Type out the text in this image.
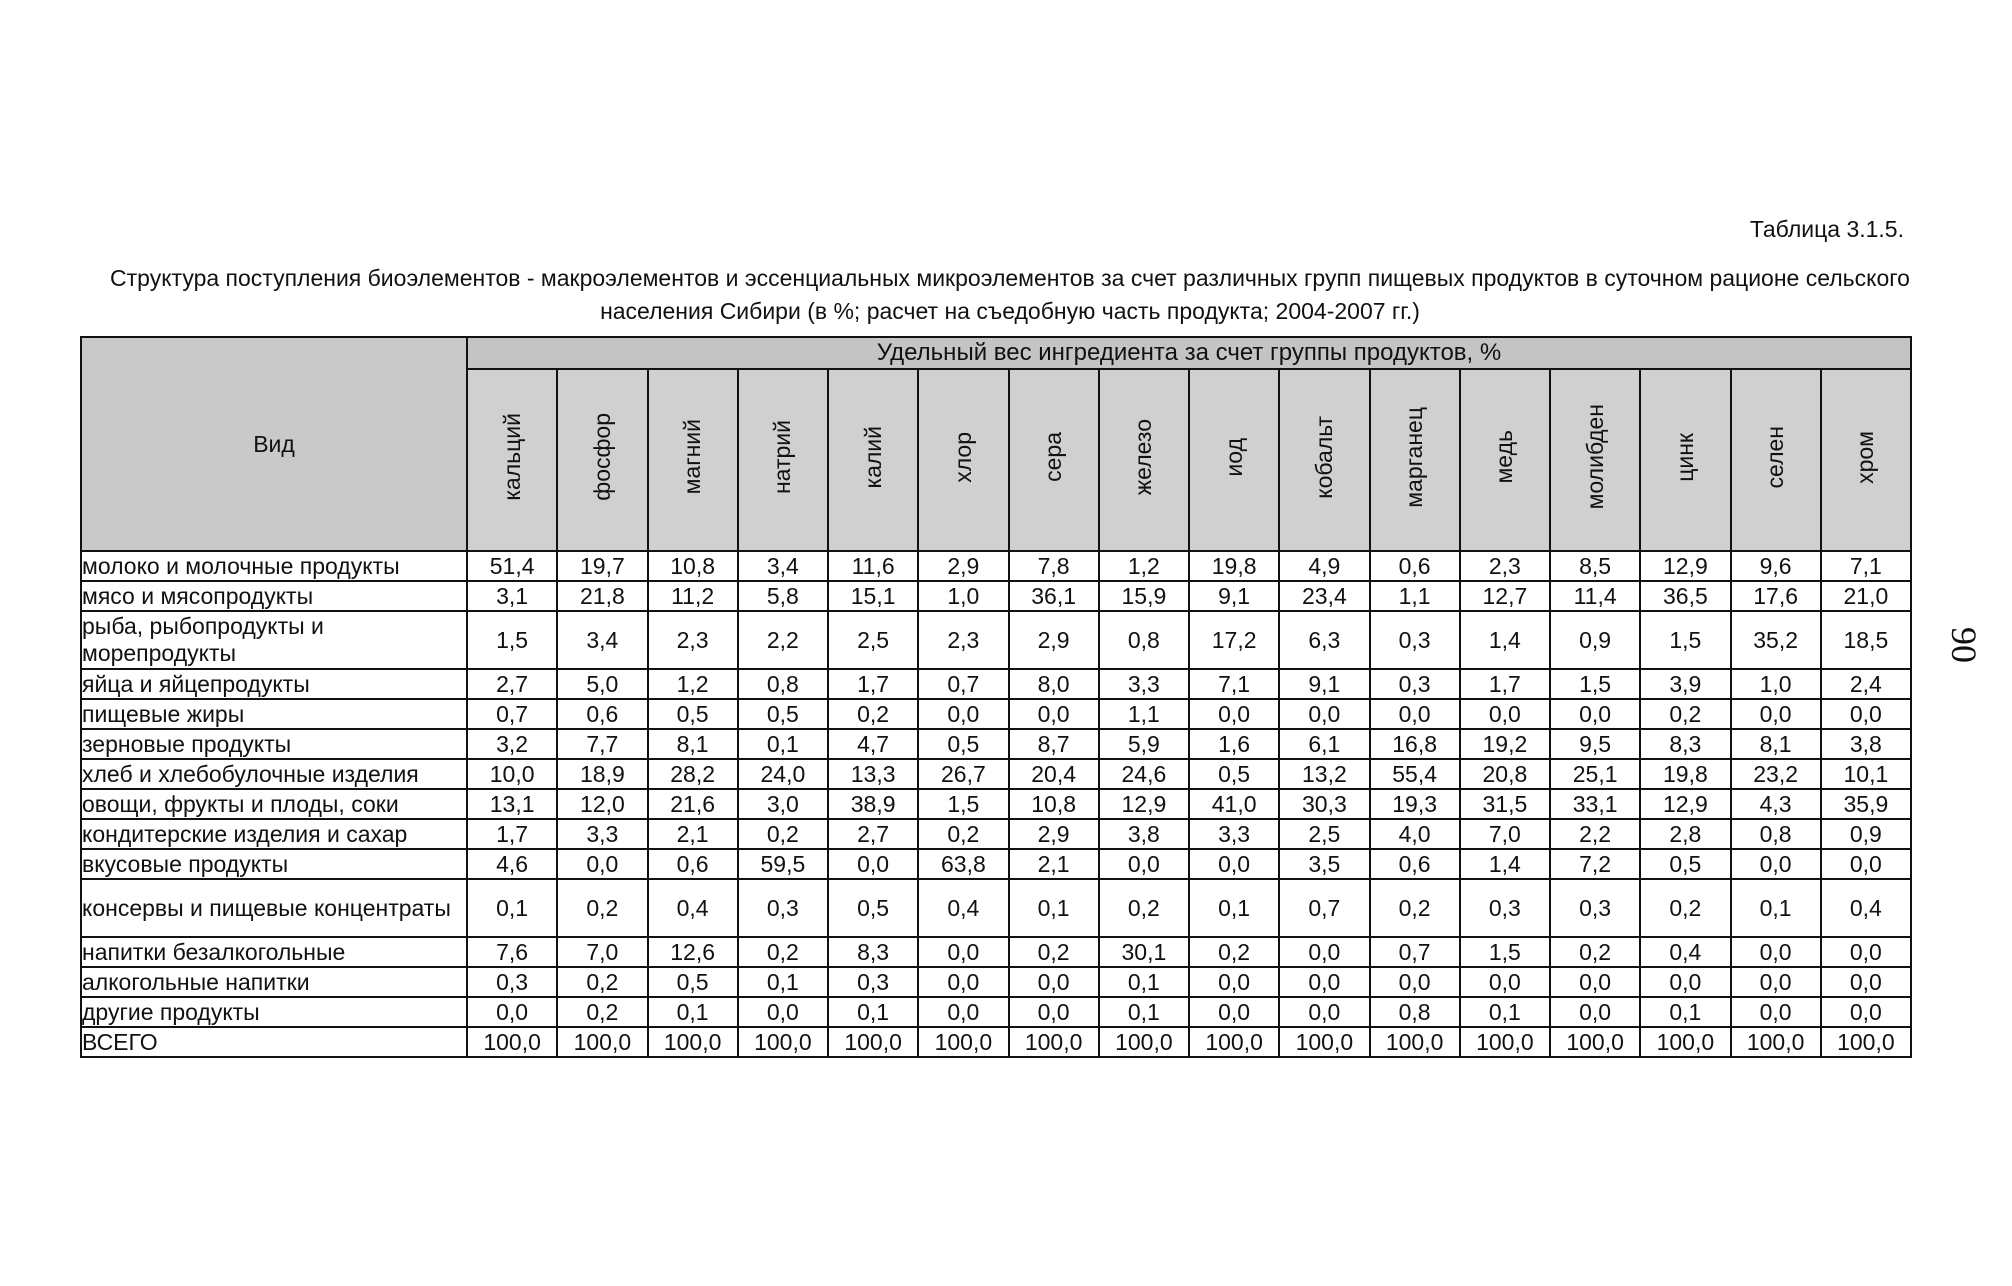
Таблица 3.1.5.
Структура поступления биоэлементов - макроэлементов и эссенциальных микроэлементов за счет различных групп пищевых продуктов в суточном рационе сельского населения Сибири (в %; расчет на съедобную часть продукта; 2004-2007 гг.)
90
Вид	Удельный вес ингредиента за счет группы продуктов, %															

	кальций	фосфор	магний	натрий	калий	хлор	сера	железо	иод	кобальт	марганец	медь	молибден	цинк	селен	хром

молоко и молочные продукты	51,4	19,7	10,8	3,4	11,6	2,9	7,8	1,2	19,8	4,9	0,6	2,3	8,5	12,9	9,6	7,1
мясо и мясопродукты	3,1	21,8	11,2	5,8	15,1	1,0	36,1	15,9	9,1	23,4	1,1	12,7	11,4	36,5	17,6	21,0
рыба, рыбопродукты и морепродукты	1,5	3,4	2,3	2,2	2,5	2,3	2,9	0,8	17,2	6,3	0,3	1,4	0,9	1,5	35,2	18,5
яйца и яйцепродукты	2,7	5,0	1,2	0,8	1,7	0,7	8,0	3,3	7,1	9,1	0,3	1,7	1,5	3,9	1,0	2,4
пищевые жиры	0,7	0,6	0,5	0,5	0,2	0,0	0,0	1,1	0,0	0,0	0,0	0,0	0,0	0,2	0,0	0,0
зерновые продукты	3,2	7,7	8,1	0,1	4,7	0,5	8,7	5,9	1,6	6,1	16,8	19,2	9,5	8,3	8,1	3,8
хлеб и хлебобулочные изделия	10,0	18,9	28,2	24,0	13,3	26,7	20,4	24,6	0,5	13,2	55,4	20,8	25,1	19,8	23,2	10,1
овощи, фрукты и плоды, соки	13,1	12,0	21,6	3,0	38,9	1,5	10,8	12,9	41,0	30,3	19,3	31,5	33,1	12,9	4,3	35,9
кондитерские изделия и сахар	1,7	3,3	2,1	0,2	2,7	0,2	2,9	3,8	3,3	2,5	4,0	7,0	2,2	2,8	0,8	0,9
вкусовые продукты	4,6	0,0	0,6	59,5	0,0	63,8	2,1	0,0	0,0	3,5	0,6	1,4	7,2	0,5	0,0	0,0
консервы и пищевые концентраты	0,1	0,2	0,4	0,3	0,5	0,4	0,1	0,2	0,1	0,7	0,2	0,3	0,3	0,2	0,1	0,4
напитки безалкогольные	7,6	7,0	12,6	0,2	8,3	0,0	0,2	30,1	0,2	0,0	0,7	1,5	0,2	0,4	0,0	0,0
алкогольные напитки	0,3	0,2	0,5	0,1	0,3	0,0	0,0	0,1	0,0	0,0	0,0	0,0	0,0	0,0	0,0	0,0
другие продукты	0,0	0,2	0,1	0,0	0,1	0,0	0,0	0,1	0,0	0,0	0,8	0,1	0,0	0,1	0,0	0,0
ВСЕГО	100,0	100,0	100,0	100,0	100,0	100,0	100,0	100,0	100,0	100,0	100,0	100,0	100,0	100,0	100,0	100,0
